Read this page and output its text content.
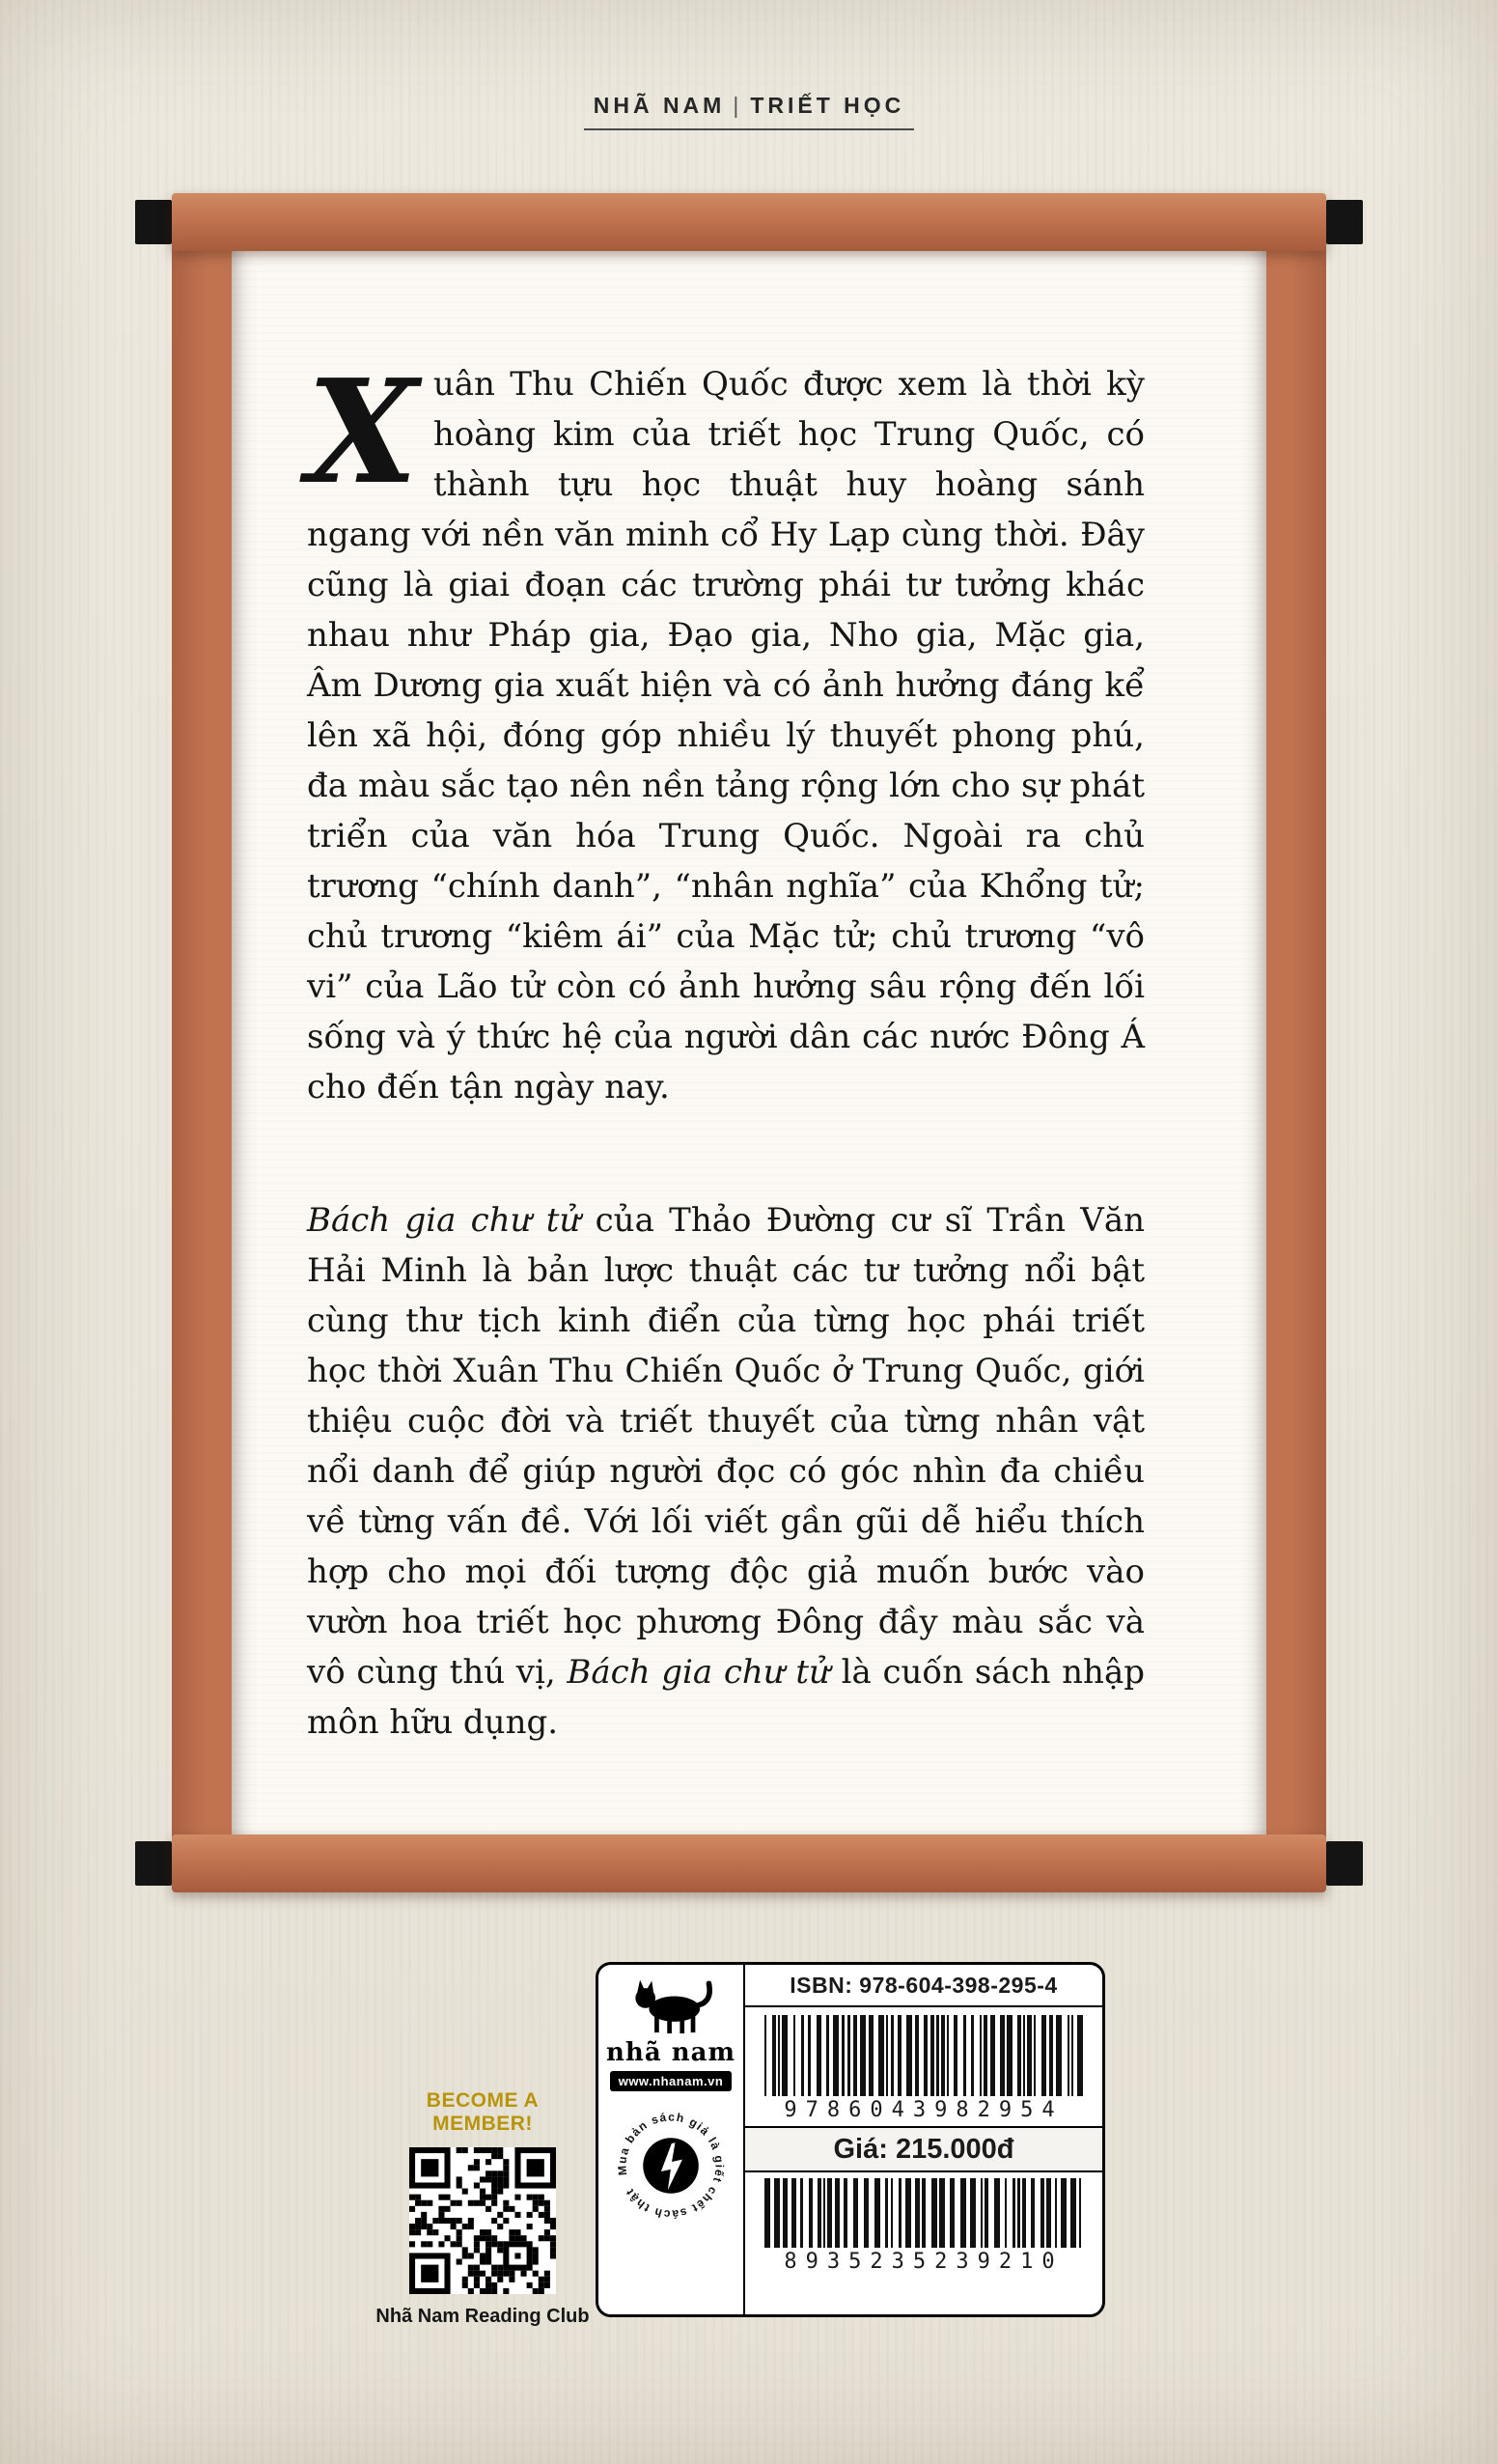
NHÃ NAM | TRIẾT HỌC

Xuân Thu Chiến Quốc được xem là thời kỳ hoàng kim của triết học Trung Quốc, có thành tựu học thuật huy hoàng sánh ngang với nền văn minh cổ Hy Lạp cùng thời. Đây cũng là giai đoạn các trường phái tư tưởng khác nhau như Pháp gia, Đạo gia, Nho gia, Mặc gia, Âm Dương gia xuất hiện và có ảnh hưởng đáng kể lên xã hội, đóng góp nhiều lý thuyết phong phú, đa màu sắc tạo nên nền tảng rộng lớn cho sự phát triển của văn hóa Trung Quốc. Ngoài ra chủ trương “chính danh”, “nhân nghĩa” của Khổng tử; chủ trương “kiêm ái” của Mặc tử; chủ trương “vô vi” của Lão tử còn có ảnh hưởng sâu rộng đến lối sống và ý thức hệ của người dân các nước Đông Á cho đến tận ngày nay.

Bách gia chư tử của Thảo Đường cư sĩ Trần Văn Hải Minh là bản lược thuật các tư tưởng nổi bật cùng thư tịch kinh điển của từng học phái triết học thời Xuân Thu Chiến Quốc ở Trung Quốc, giới thiệu cuộc đời và triết thuyết của từng nhân vật nổi danh để giúp người đọc có góc nhìn đa chiều về từng vấn đề. Với lối viết gần gũi dễ hiểu thích hợp cho mọi đối tượng độc giả muốn bước vào vườn hoa triết học phương Đông đầy màu sắc và vô cùng thú vị, Bách gia chư tử là cuốn sách nhập môn hữu dụng.

BECOME A MEMBER!
Nhã Nam Reading Club
nhã nam
www.nhanam.vn
Mua bản sách giả là giết chết sách thật
ISBN: 978-604-398-295-4
9786043982954
Giá: 215.000đ
8935235239210
